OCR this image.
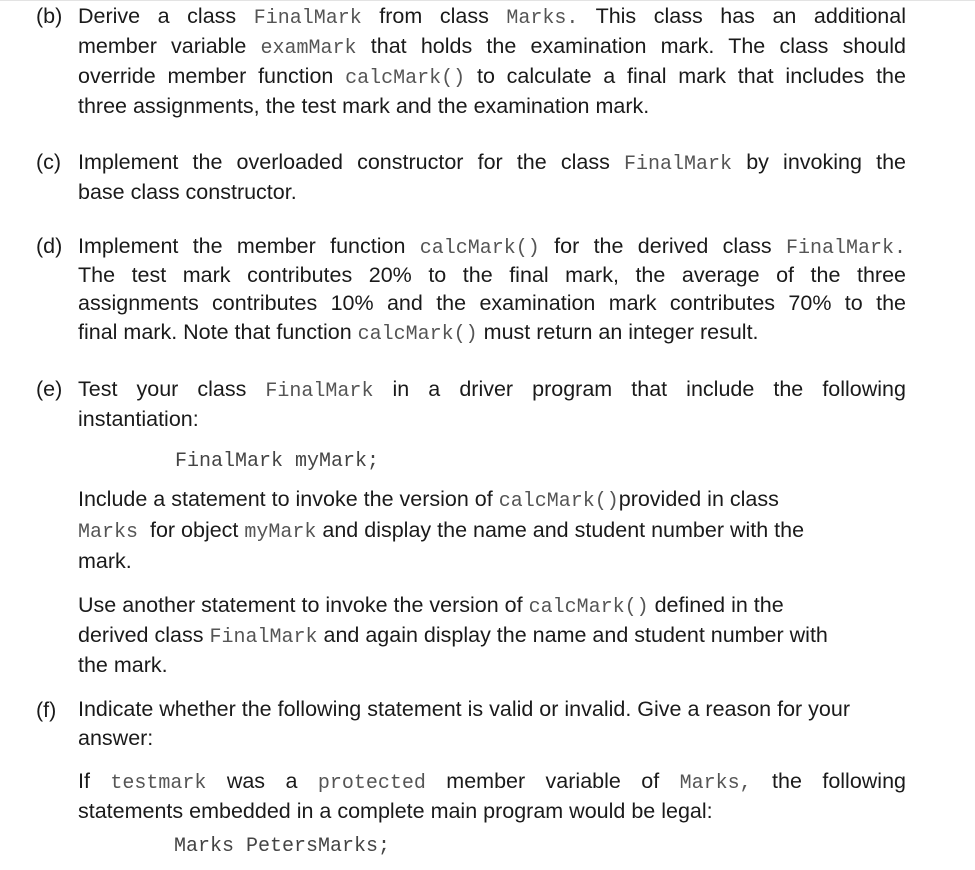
(b) Derive a class FinalMark from class Marks. This class has an additional
member variable examMark that holds the examination mark. The class should
override member function calcMark() to calculate a final mark that includes the
three assignments, the test mark and the examination mark.
(c) Implement the overloaded constructor for the class FinalMark by invoking the
base class constructor.
(d) Implement the member function calcMark() for the derived class FinalMark.
The test mark contributes 20% to the final mark, the average of the three
assignments contributes 10% and the examination mark contributes 70% to the
final mark. Note that function calcMark() must return an integer result.
(e) Test your class FinalMark in a driver program that include the following
instantiation:
FinalMark myMark;
Include a statement to invoke the version of calcMark()provided in class
Marks for object myMark and display the name and student number with the
mark.
Use another statement to invoke the version of calcMark() defined in the
derived class FinalMark and again display the name and student number with
the mark.
(f) Indicate whether the following statement is valid or invalid. Give a reason for your
answer:
If testmark was a protected member variable of Marks, the following
statements embedded in a complete main program would be legal:
Marks PetersMarks;
